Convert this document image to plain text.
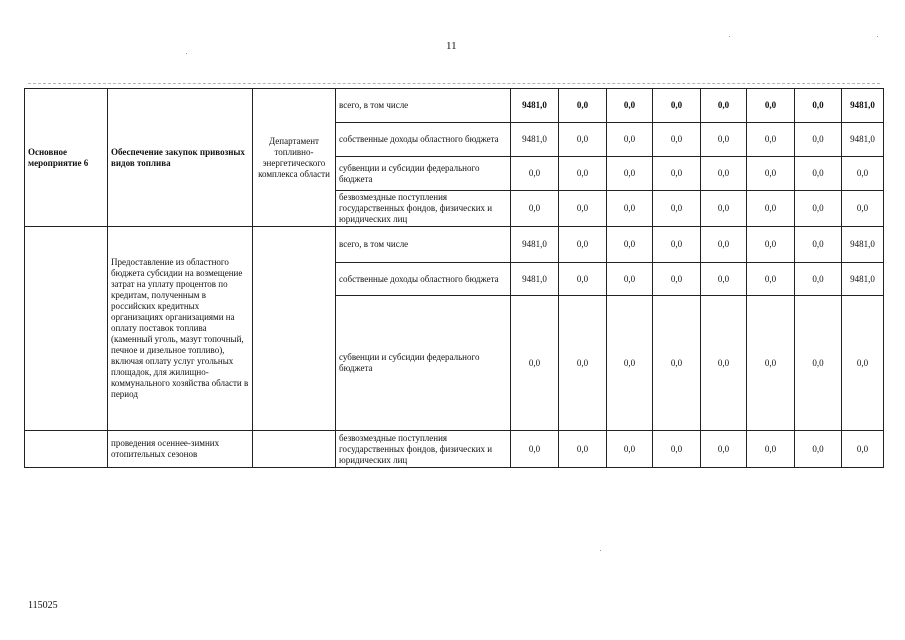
11
Основное мероприятие 6	Обеспечение закупок привозных видов топлива	Департамент топливно-энергетического комплекса области	всего, в том числе	9481,0	0,0	0,0	0,0	0,0	0,0	0,0	9481,0
			собственные доходы областного бюджета	9481,0	0,0	0,0	0,0	0,0	0,0	0,0	9481,0
			субвенции и субсидии федерального бюджета	0,0	0,0	0,0	0,0	0,0	0,0	0,0	0,0
			безвозмездные поступления государственных фондов, физических и юридических лиц	0,0	0,0	0,0	0,0	0,0	0,0	0,0	0,0
	Предоставление из областного бюджета субсидии на возмещение затрат на уплату процентов по кредитам, полученным в российских кредитных организациях организациями на оплату поставок топлива (каменный уголь, мазут топочный, печное и дизельное топливо), включая оплату услуг угольных площадок, для жилищно-коммунального хозяйства области в период		всего, в том числе	9481,0	0,0	0,0	0,0	0,0	0,0	0,0	9481,0
			собственные доходы областного бюджета	9481,0	0,0	0,0	0,0	0,0	0,0	0,0	9481,0
			субвенции и субсидии федерального бюджета	0,0	0,0	0,0	0,0	0,0	0,0	0,0	0,0
	проведения осеннее-зимних отопительных сезонов		безвозмездные поступления государственных фондов, физических и юридических лиц	0,0	0,0	0,0	0,0	0,0	0,0	0,0	0,0
115025
